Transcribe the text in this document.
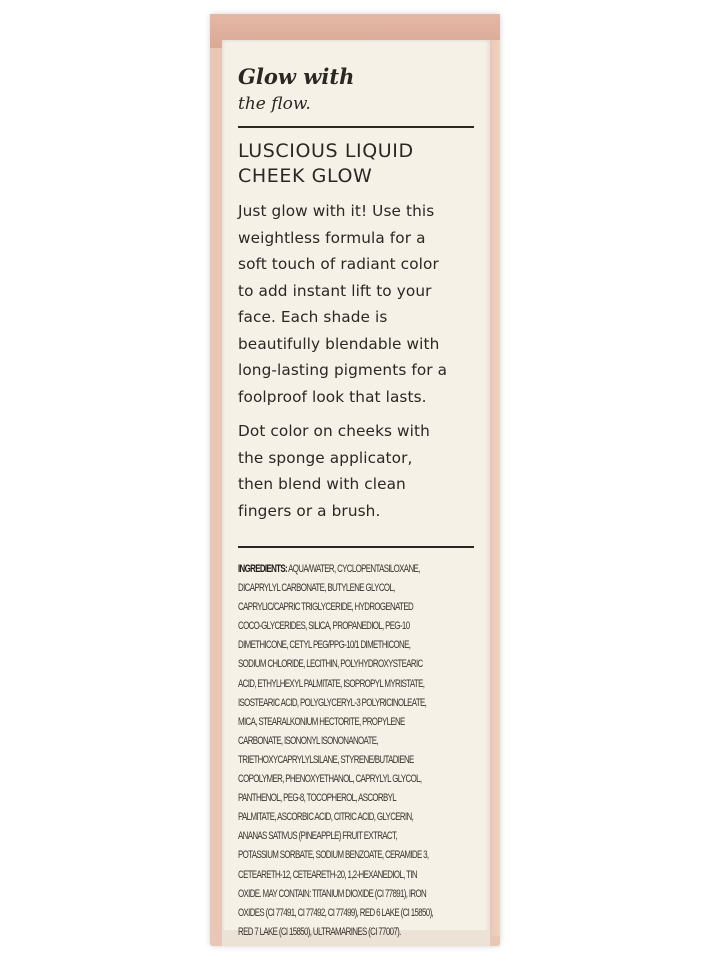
Glow with
the flow.
LUSCIOUS LIQUID
CHEEK GLOW
Just glow with it! Use this
weightless formula for a
soft touch of radiant color
to add instant lift to your
face. Each shade is
beautifully blendable with
long-lasting pigments for a
foolproof look that lasts.
Dot color on cheeks with
the sponge applicator,
then blend with clean
fingers or a brush.
INGREDIENTS: AQUA/WATER, CYCLOPENTASILOXANE,
DICAPRYLYL CARBONATE, BUTYLENE GLYCOL,
CAPRYLIC/CAPRIC TRIGLYCERIDE, HYDROGENATED
COCO-GLYCERIDES, SILICA, PROPANEDIOL, PEG-10
DIMETHICONE, CETYL PEG/PPG-10/1 DIMETHICONE,
SODIUM CHLORIDE, LECITHIN, POLYHYDROXYSTEARIC
ACID, ETHYLHEXYL PALMITATE, ISOPROPYL MYRISTATE,
ISOSTEARIC ACID, POLYGLYCERYL-3 POLYRICINOLEATE,
MICA, STEARALKONIUM HECTORITE, PROPYLENE
CARBONATE, ISONONYL ISONONANOATE,
TRIETHOXYCAPRYLYLSILANE, STYRENE/BUTADIENE
COPOLYMER, PHENOXYETHANOL, CAPRYLYL GLYCOL,
PANTHENOL, PEG-8, TOCOPHEROL, ASCORBYL
PALMITATE, ASCORBIC ACID, CITRIC ACID, GLYCERIN,
ANANAS SATIVUS (PINEAPPLE) FRUIT EXTRACT,
POTASSIUM SORBATE, SODIUM BENZOATE, CERAMIDE 3,
CETEARETH-12, CETEARETH-20, 1,2-HEXANEDIOL, TIN
OXIDE. MAY CONTAIN: TITANIUM DIOXIDE (CI 77891), IRON
OXIDES (CI 77491, CI 77492, CI 77499), RED 6 LAKE (CI 15850),
RED 7 LAKE (CI 15850), ULTRAMARINES (CI 77007).
